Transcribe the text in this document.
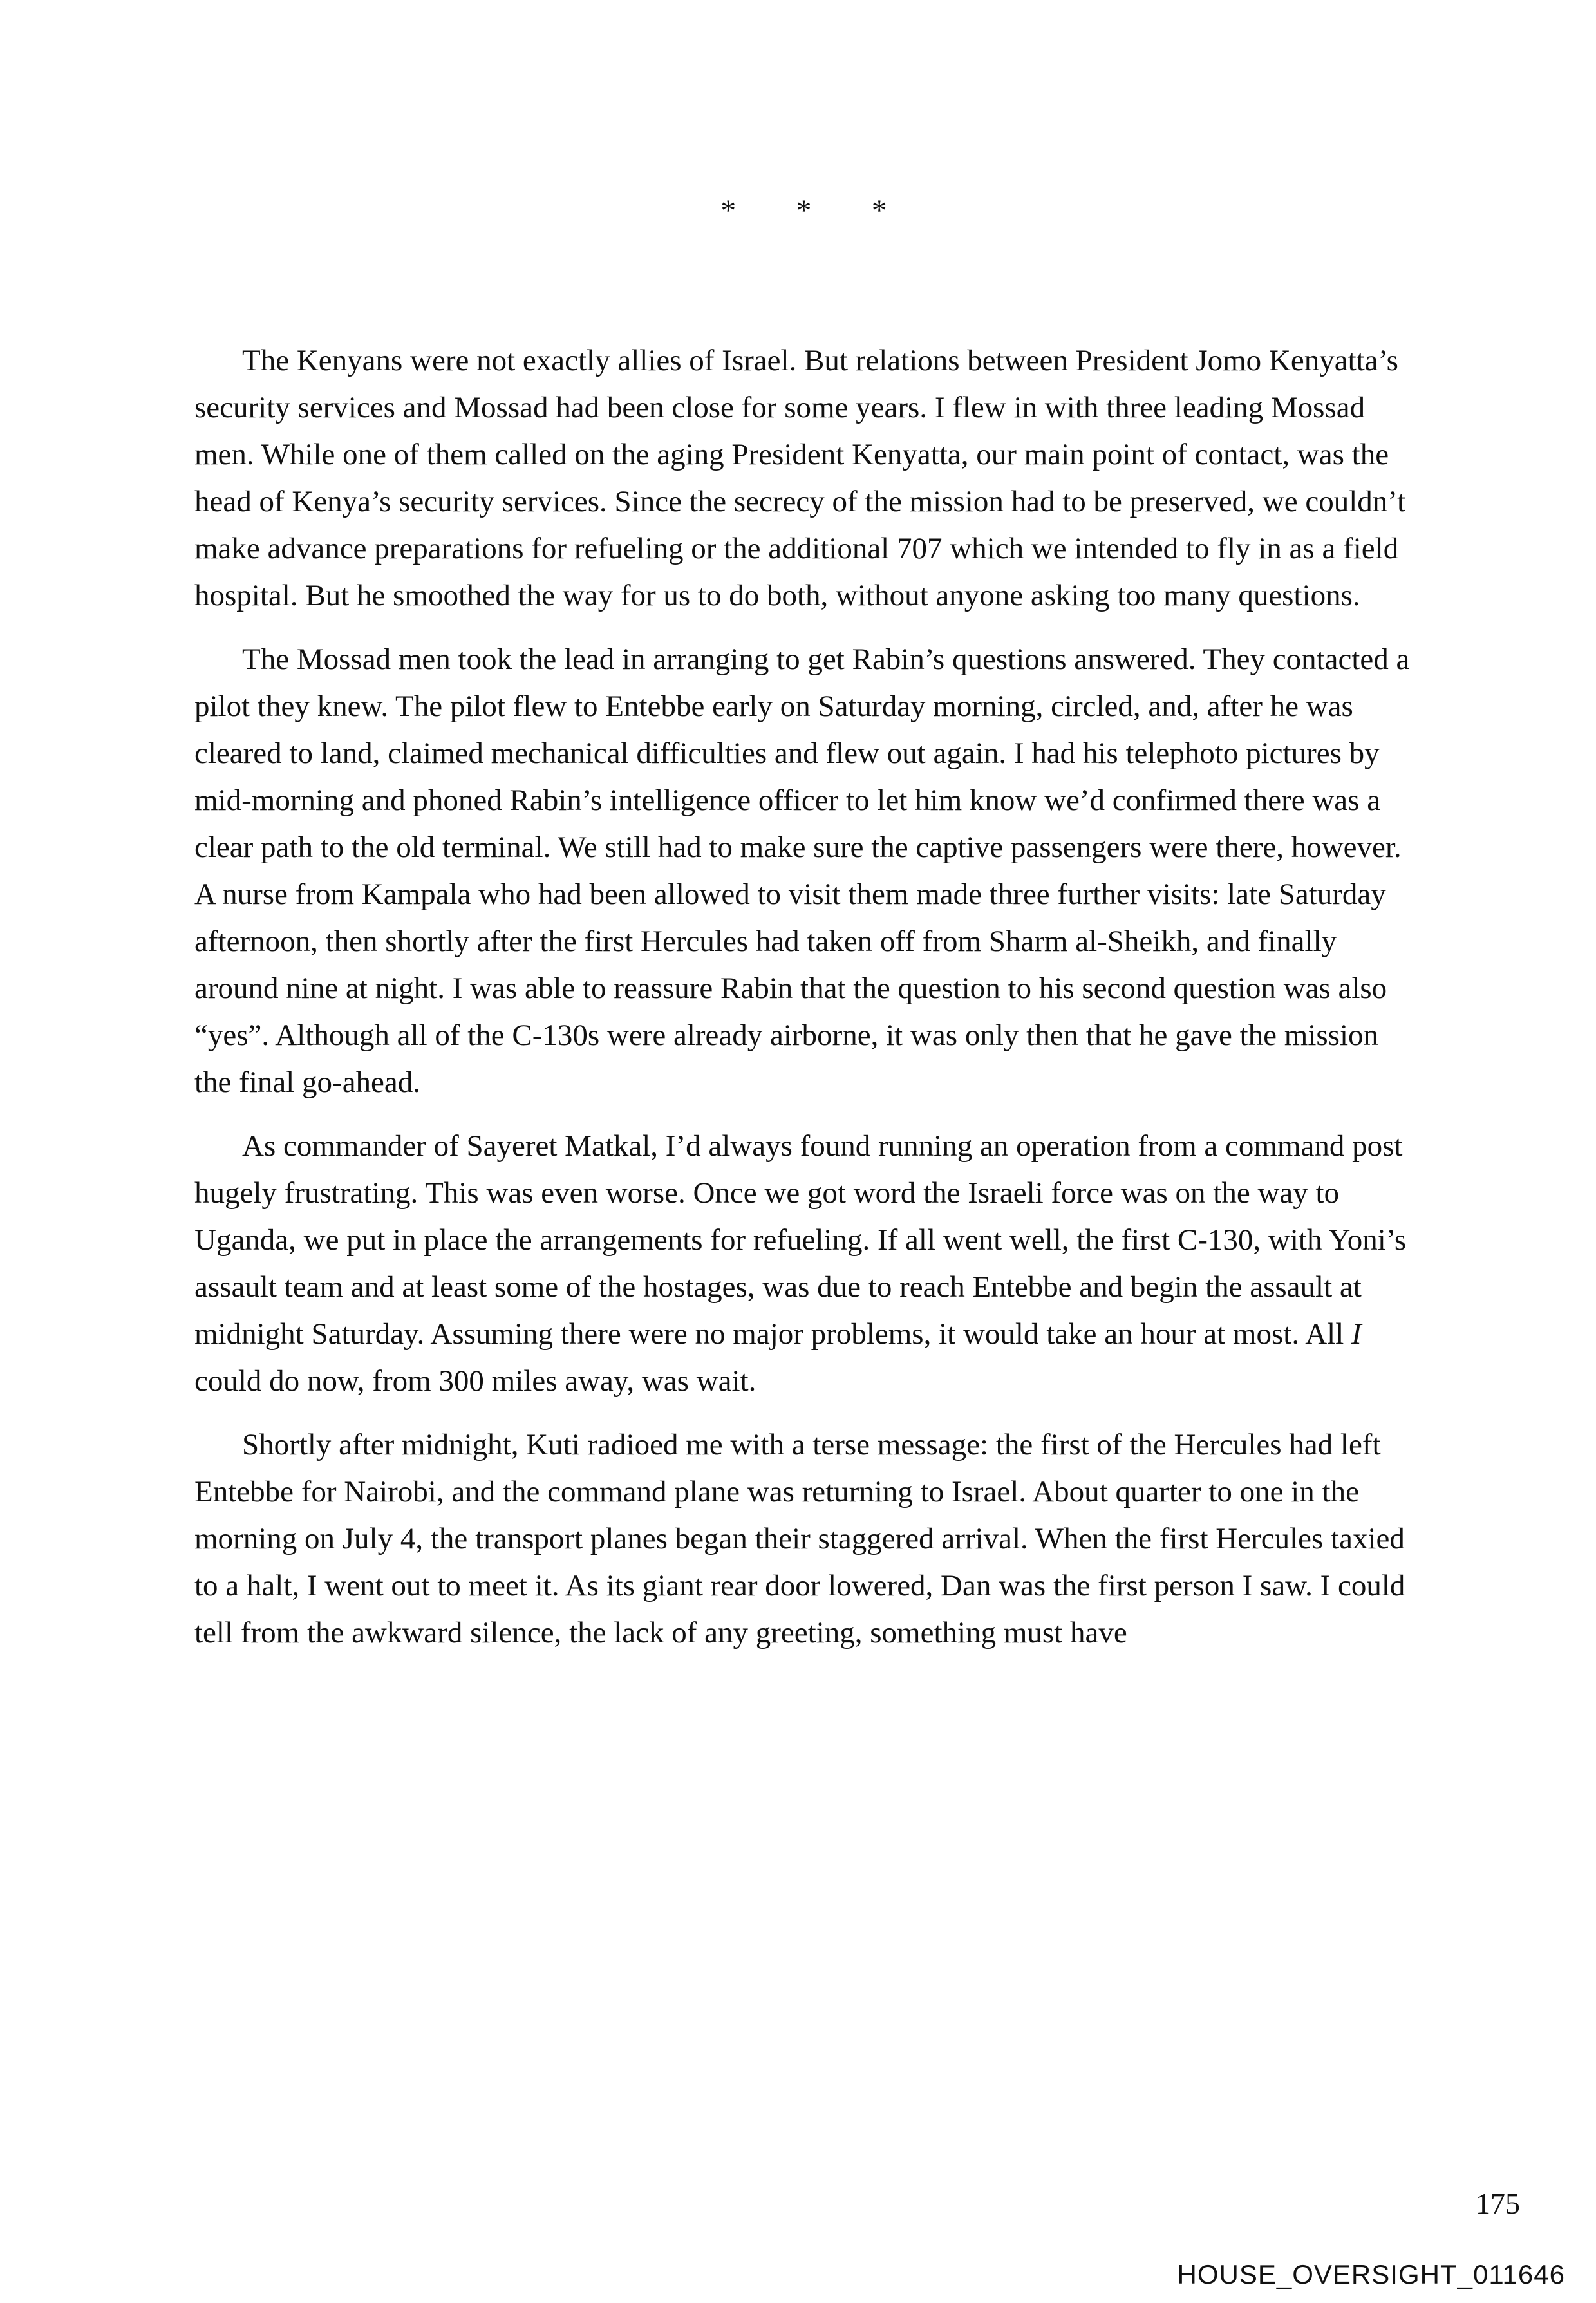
* * *

The Kenyans were not exactly allies of Israel. But relations between President Jomo Kenyatta’s security services and Mossad had been close for some years. I flew in with three leading Mossad men. While one of them called on the aging President Kenyatta, our main point of contact, was the head of Kenya’s security services. Since the secrecy of the mission had to be preserved, we couldn’t make advance preparations for refueling or the additional 707 which we intended to fly in as a field hospital. But he smoothed the way for us to do both, without anyone asking too many questions.

The Mossad men took the lead in arranging to get Rabin’s questions answered. They contacted a pilot they knew. The pilot flew to Entebbe early on Saturday morning, circled, and, after he was cleared to land, claimed mechanical difficulties and flew out again. I had his telephoto pictures by mid-morning and phoned Rabin’s intelligence officer to let him know we’d confirmed there was a clear path to the old terminal. We still had to make sure the captive passengers were there, however. A nurse from Kampala who had been allowed to visit them made three further visits: late Saturday afternoon, then shortly after the first Hercules had taken off from Sharm al-Sheikh, and finally around nine at night. I was able to reassure Rabin that the question to his second question was also “yes”. Although all of the C-130s were already airborne, it was only then that he gave the mission the final go-ahead.

As commander of Sayeret Matkal, I’d always found running an operation from a command post hugely frustrating. This was even worse. Once we got word the Israeli force was on the way to Uganda, we put in place the arrangements for refueling. If all went well, the first C-130, with Yoni’s assault team and at least some of the hostages, was due to reach Entebbe and begin the assault at midnight Saturday. Assuming there were no major problems, it would take an hour at most. All I could do now, from 300 miles away, was wait.

Shortly after midnight, Kuti radioed me with a terse message: the first of the Hercules had left Entebbe for Nairobi, and the command plane was returning to Israel. About quarter to one in the morning on July 4, the transport planes began their staggered arrival. When the first Hercules taxied to a halt, I went out to meet it. As its giant rear door lowered, Dan was the first person I saw. I could tell from the awkward silence, the lack of any greeting, something must have

175
HOUSE_OVERSIGHT_011646
